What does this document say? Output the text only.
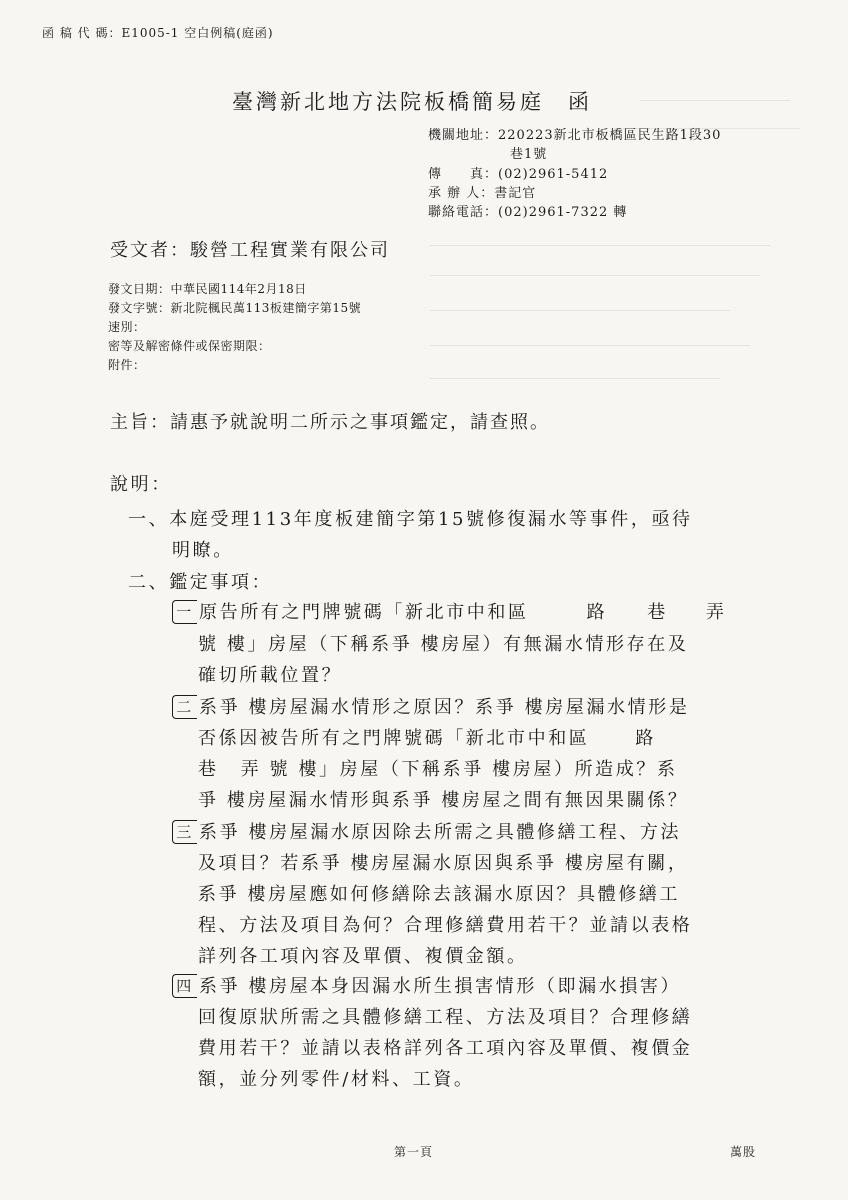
函 稿 代 碼：E1005-1 空白例稿(庭函)
臺灣新北地方法院板橋簡易庭　函
機關地址：220223新北市板橋區民生路1段30
巷1號
傳　　真：(02)2961-5412
承 辦 人：書記官
聯絡電話：(02)2961-7322 轉
受文者：駿營工程實業有限公司
發文日期：中華民國114年2月18日
發文字號：新北院楓民萬113板建簡字第15號
速別：
密等及解密條件或保密期限：
附件：
主旨：請惠予就說明二所示之事項鑑定，請查照。
說明：
一、本庭受理113年度板建簡字第15號修復漏水等事件，亟待
明瞭。
二、鑑定事項：
一 原告所有之門牌號碼「新北市中和區	路 巷 弄
號 樓」房屋（下稱系爭 樓房屋）有無漏水情形存在及
確切所載位置？
二 系爭 樓房屋漏水情形之原因？系爭 樓房屋漏水情形是
否係因被告所有之門牌號碼「新北市中和區	路
巷 弄 號 樓」房屋（下稱系爭 樓房屋）所造成？系
爭 樓房屋漏水情形與系爭 樓房屋之間有無因果關係？
三 系爭 樓房屋漏水原因除去所需之具體修繕工程、方法
及項目？若系爭 樓房屋漏水原因與系爭 樓房屋有關，
系爭 樓房屋應如何修繕除去該漏水原因？具體修繕工
程、方法及項目為何？合理修繕費用若干？並請以表格
詳列各工項內容及單價、複價金額。
四 系爭 樓房屋本身因漏水所生損害情形（即漏水損害）
回復原狀所需之具體修繕工程、方法及項目？合理修繕
費用若干？並請以表格詳列各工項內容及單價、複價金
額，並分列零件/材料、工資。
第一頁	萬股
